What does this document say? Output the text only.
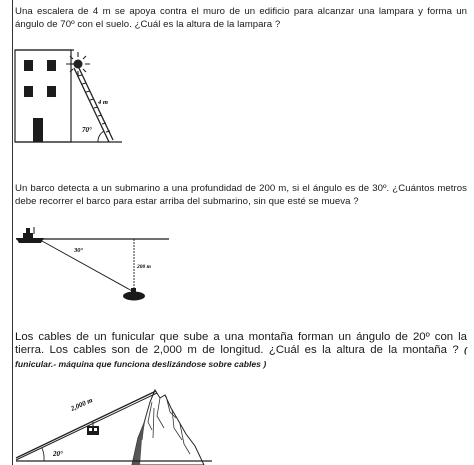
Una escalera de 4 m se apoya contra el muro de un edificio para alcanzar una lampara y forma un ángulo de 70º con el suelo. ¿Cuál es la altura de la lampara ?
4 m
70°
Un barco detecta a un submarino a una profundidad de 200 m, si el ángulo es de 30º. ¿Cuántos metros debe recorrer el barco para estar arriba del submarino, sin que esté se mueva ?
30°
200 m
Los cables de un funicular que sube a una montaña forman un ángulo de 20º con la tierra. Los cables son de 2,000 m de longitud. ¿Cuál es la altura de la montaña ? ( funicular.- máquina que funciona deslizándose sobre cables )
2,000 m
20°
